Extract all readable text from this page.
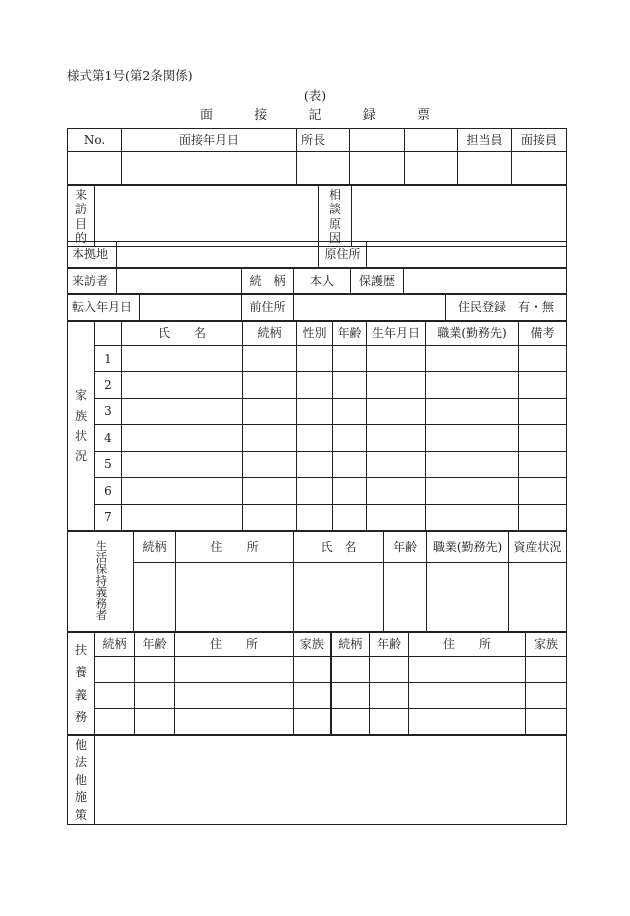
様式第1号(第2条関係)
(表)
面	接	記	録	票
No.	面接年月日	所長			担当員	面接員

来
訪
目
的

相
談
原
因

本拠地		原住所	
来訪者		続　柄	本人	保護歴	
転入年月日		前住所		住民登録　有・無
家
族
状
況		氏　　名	続柄	性別	年齢	生年月日	職業(勤務先)	備考
	1							
	2							
	3							
	4							
	5							
	6							
	7							
生活保持義務者	続柄	住　　所	氏　名	年齢	職業(勤務先)	資産状況

扶
養
義
務	続柄	年齢	住　　所	家族	続柄	年齢	住　　所	家族

他
法
他
施
策
